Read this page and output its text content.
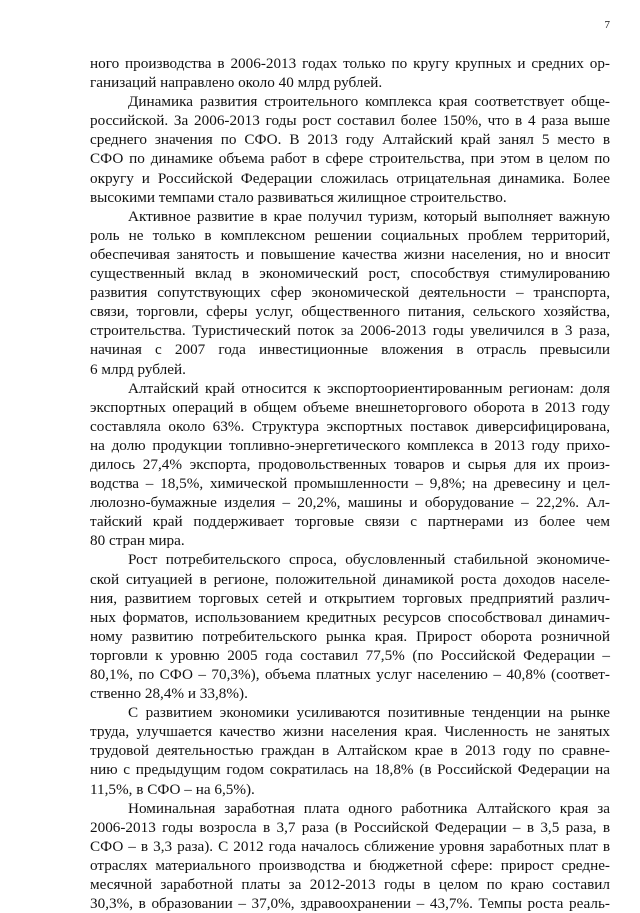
7
ного производства в 2006-2013 годах только по кругу крупных и средних ор-
ганизаций направлено около 40 млрд рублей.
Динамика развития строительного комплекса края соответствует обще-
российской. За 2006-2013 годы рост составил более 150%, что в 4 раза выше
среднего значения по СФО. В 2013 году Алтайский край занял 5 место в
СФО по динамике объема работ в сфере строительства, при этом в целом по
округу и Российской Федерации сложилась отрицательная динамика. Более
высокими темпами стало развиваться жилищное строительство.
Активное развитие в крае получил туризм, который выполняет важную
роль не только в комплексном решении социальных проблем территорий,
обеспечивая занятость и повышение качества жизни населения, но и вносит
существенный вклад в экономический рост, способствуя стимулированию
развития сопутствующих сфер экономической деятельности – транспорта,
связи, торговли, сферы услуг, общественного питания, сельского хозяйства,
строительства. Туристический поток за 2006-2013 годы увеличился в 3 раза,
начиная с 2007 года инвестиционные вложения в отрасль превысили
6 млрд рублей.
Алтайский край относится к экспортоориентированным регионам: доля
экспортных операций в общем объеме внешнеторгового оборота в 2013 году
составляла около 63%. Структура экспортных поставок диверсифицирована,
на долю продукции топливно-энергетического комплекса в 2013 году прихо-
дилось 27,4% экспорта, продовольственных товаров и сырья для их произ-
водства – 18,5%, химической промышленности – 9,8%; на древесину и цел-
люлозно-бумажные изделия – 20,2%, машины и оборудование – 22,2%. Ал-
тайский край поддерживает торговые связи с партнерами из более чем
80 стран мира.
Рост потребительского спроса, обусловленный стабильной экономиче-
ской ситуацией в регионе, положительной динамикой роста доходов населе-
ния, развитием торговых сетей и открытием торговых предприятий различ-
ных форматов, использованием кредитных ресурсов способствовал динамич-
ному развитию потребительского рынка края. Прирост оборота розничной
торговли к уровню 2005 года составил 77,5% (по Российской Федерации –
80,1%, по СФО – 70,3%), объема платных услуг населению – 40,8% (соответ-
ственно 28,4% и 33,8%).
С развитием экономики усиливаются позитивные тенденции на рынке
труда, улучшается качество жизни населения края. Численность не занятых
трудовой деятельностью граждан в Алтайском крае в 2013 году по сравне-
нию с предыдущим годом сократилась на 18,8% (в Российской Федерации на
11,5%, в СФО – на 6,5%).
Номинальная заработная плата одного работника Алтайского края за
2006-2013 годы возросла в 3,7 раза (в Российской Федерации – в 3,5 раза, в
СФО – в 3,3 раза). С 2012 года началось сближение уровня заработных плат в
отраслях материального производства и бюджетной сфере: прирост средне-
месячной заработной платы за 2012-2013 годы в целом по краю составил
30,3%, в образовании – 37,0%, здравоохранении – 43,7%. Темпы роста реаль-
